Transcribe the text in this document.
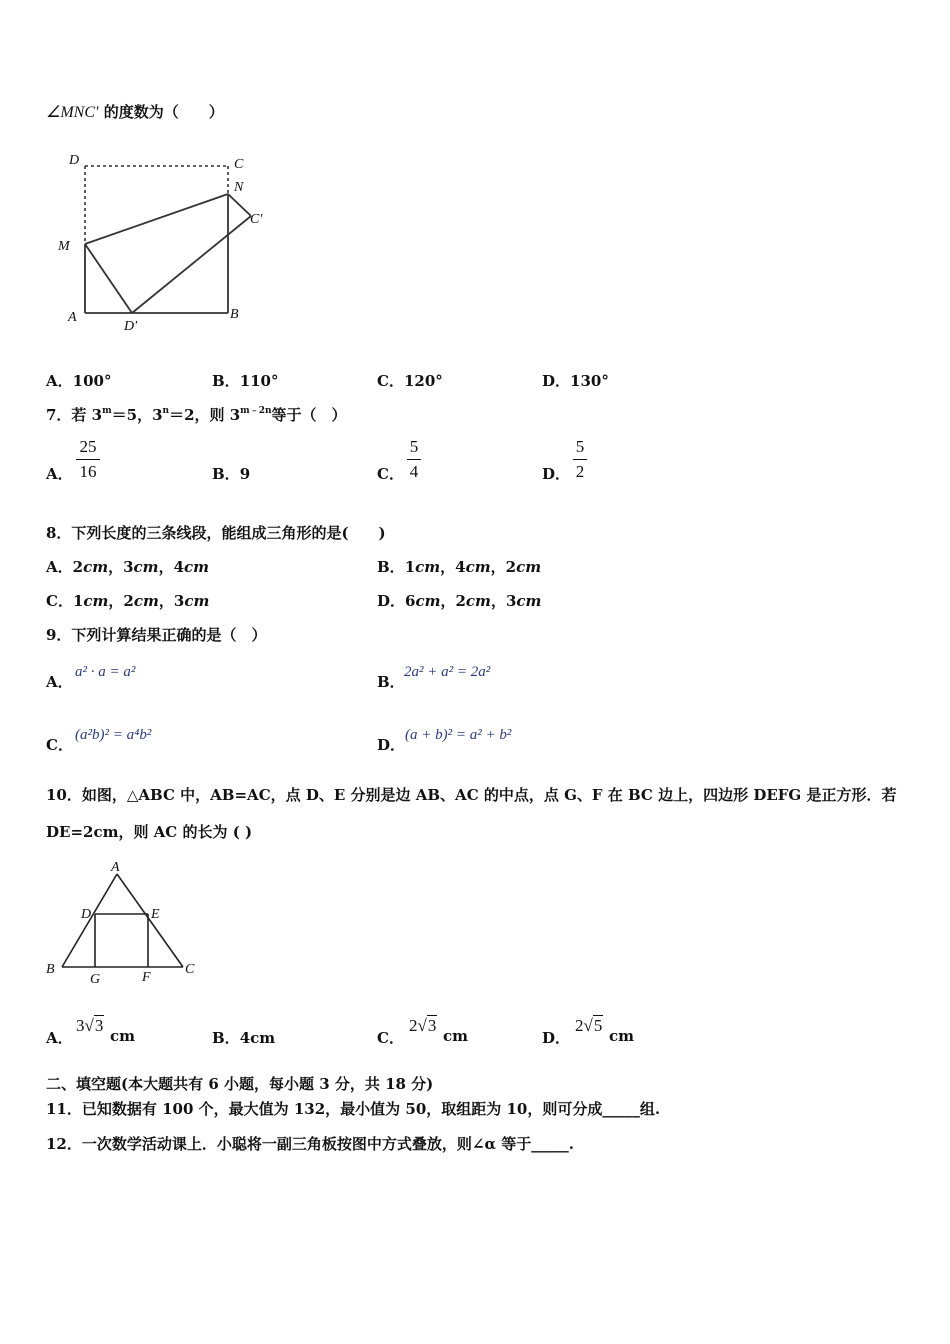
∠MNC′ 的度数为（　　）
D	C
N
C′
M
A
D′
B
A．100°	B．110°	C．120°	D．130°
7．若 $3^m=5$，$3^n=2$，则 $3^{m﹣2n}$等于（　）
A．
25
16	B．9	C．
5
4	D．
5
2
8．下列长度的三条线段，能组成三角形的是(　　)
A．2cm，3cm，4cm	B．1cm，4cm，2cm
C．1cm，2cm，3cm	D．6cm，2cm，3cm
9．下列计算结果正确的是（　）
A．
a² · a = a²
B．
2a² + a² = 2a²
C．
(a²b)² = a⁴b²
D．
(a + b)² = a² + b²
10．如图，△ABC 中，AB=AC，点 D、E 分别是边 AB、AC 的中点，点 G、F 在 BC 边上，四边形 DEFG 是正方形．若
DE=2cm，则 AC 的长为 ( )
A
D	E
B
G	F
C
A．
3√3
cm	B．4cm	C．
2√3
cm	D．
2√5
cm
二、填空题(本大题共有 6 小题，每小题 3 分，共 18 分)
11．已知数据有 100 个，最大值为 132，最小值为 50，取组距为 10，则可分成_____组.
12．一次数学活动课上．小聪将一副三角板按图中方式叠放，则∠α 等于_____.
